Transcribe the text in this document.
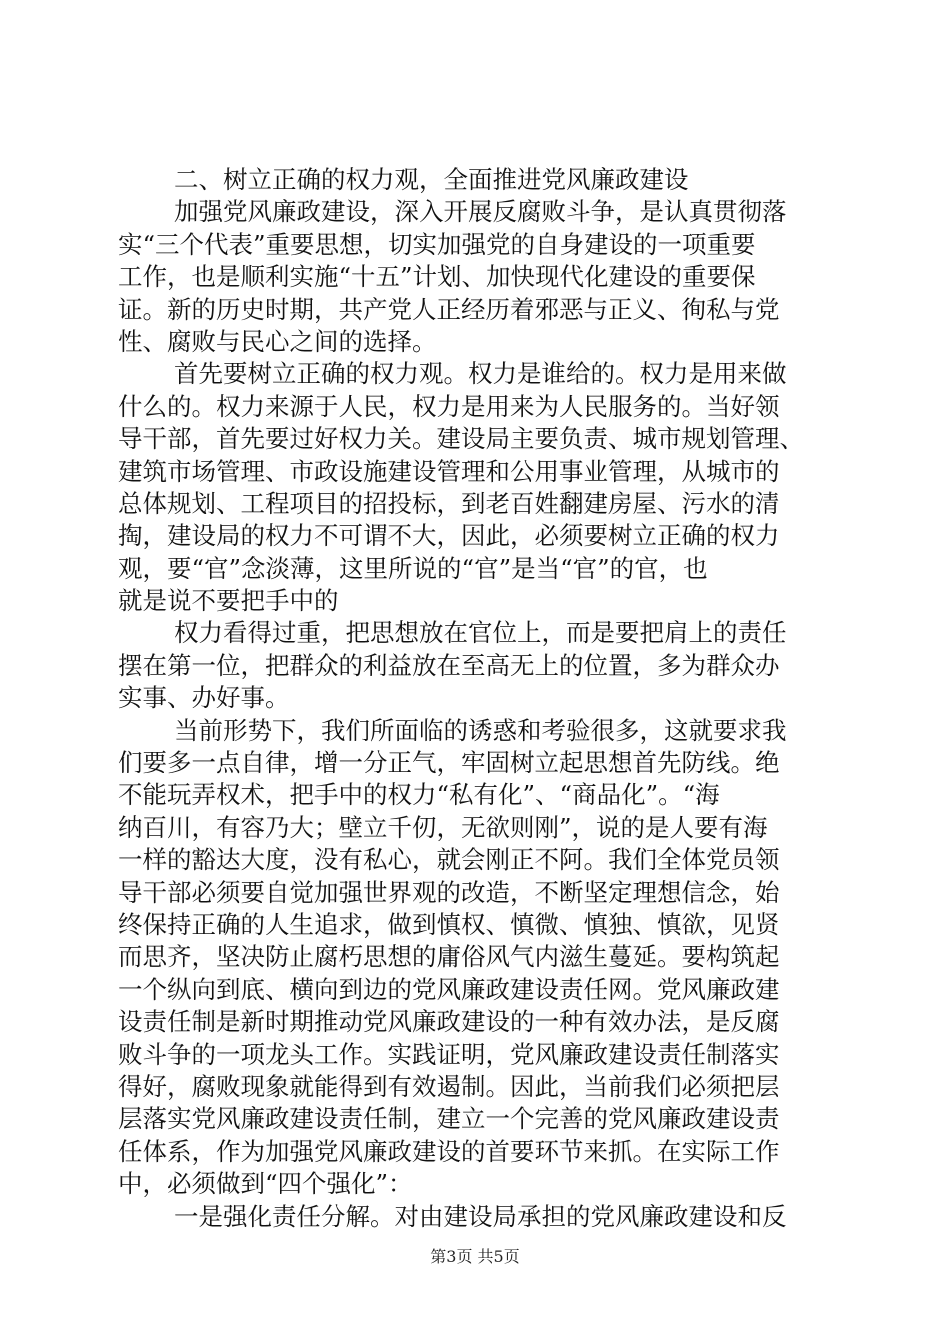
二、树立正确的权力观，全面推进党风廉政建设
加强党风廉政建设，深入开展反腐败斗争，是认真贯彻落
实“三个代表”重要思想，切实加强党的自身建设的一项重要
工作，也是顺利实施“十五”计划、加快现代化建设的重要保
证。新的历史时期，共产党人正经历着邪恶与正义、徇私与党
性、腐败与民心之间的选择。
首先要树立正确的权力观。权力是谁给的。权力是用来做
什么的。权力来源于人民，权力是用来为人民服务的。当好领
导干部，首先要过好权力关。建设局主要负责、城市规划管理、
建筑市场管理、市政设施建设管理和公用事业管理，从城市的
总体规划、工程项目的招投标，到老百姓翻建房屋、污水的清
掏，建设局的权力不可谓不大，因此，必须要树立正确的权力
观，要“官”念淡薄，这里所说的“官”是当“官”的官，也
就是说不要把手中的
权力看得过重，把思想放在官位上，而是要把肩上的责任
摆在第一位，把群众的利益放在至高无上的位置，多为群众办
实事、办好事。
当前形势下，我们所面临的诱惑和考验很多，这就要求我
们要多一点自律，增一分正气，牢固树立起思想首先防线。绝
不能玩弄权术，把手中的权力“私有化”、“商品化”。“海
纳百川，有容乃大；壁立千仞，无欲则刚”，说的是人要有海
一样的豁达大度，没有私心，就会刚正不阿。我们全体党员领
导干部必须要自觉加强世界观的改造，不断坚定理想信念，始
终保持正确的人生追求，做到慎权、慎微、慎独、慎欲，见贤
而思齐，坚决防止腐朽思想的庸俗风气内滋生蔓延。要构筑起
一个纵向到底、横向到边的党风廉政建设责任网。党风廉政建
设责任制是新时期推动党风廉政建设的一种有效办法，是反腐
败斗争的一项龙头工作。实践证明，党风廉政建设责任制落实
得好，腐败现象就能得到有效遏制。因此，当前我们必须把层
层落实党风廉政建设责任制，建立一个完善的党风廉政建设责
任体系，作为加强党风廉政建设的首要环节来抓。在实际工作
中，必须做到“四个强化”：
一是强化责任分解。对由建设局承担的党风廉政建设和反
第3页 共5页
